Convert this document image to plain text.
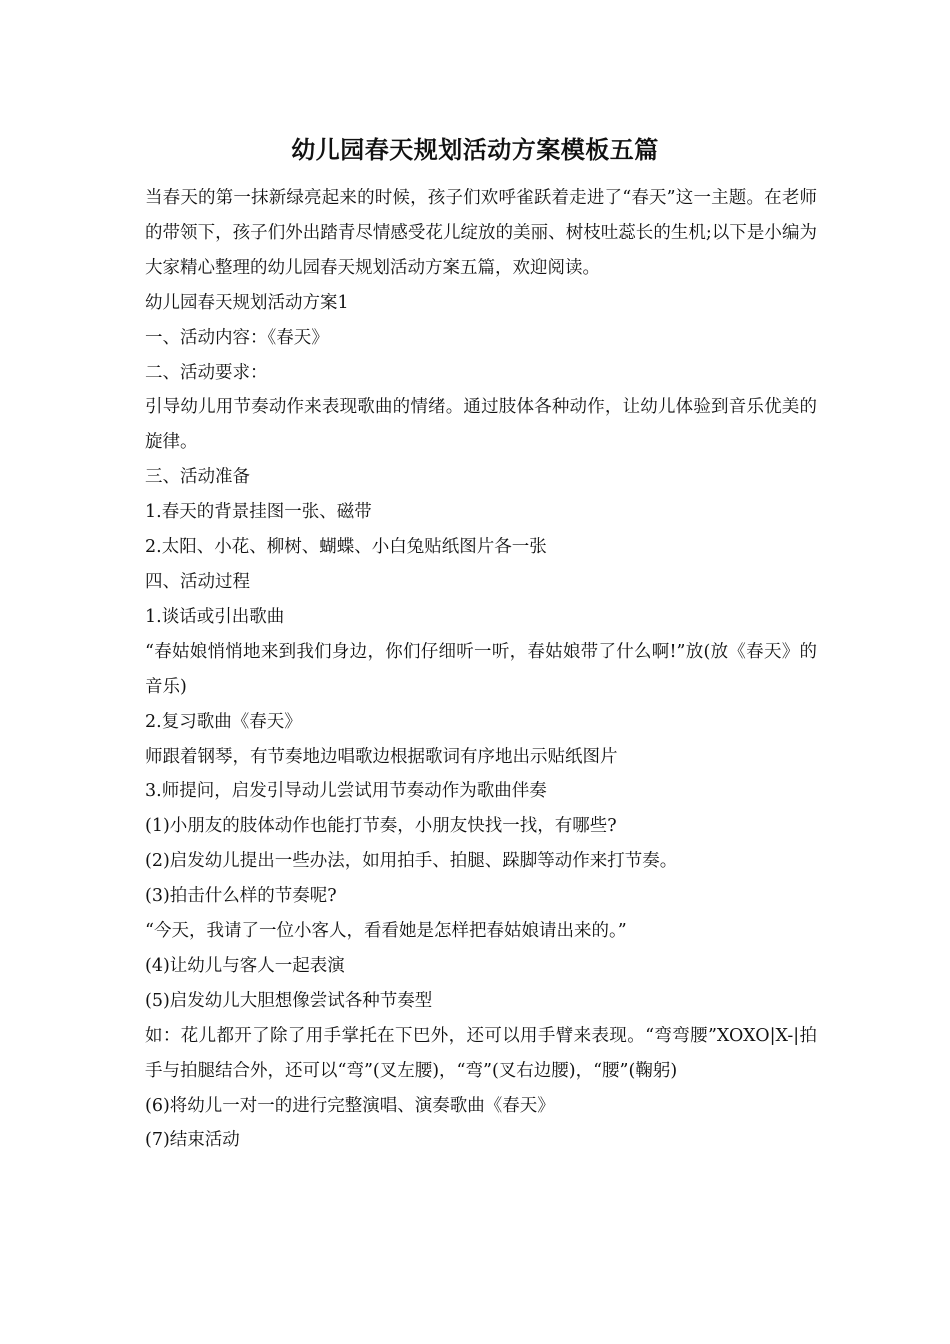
幼儿园春天规划活动方案模板五篇

当春天的第一抹新绿亮起来的时候，孩子们欢呼雀跃着走进了“春天”这一主题。在老师的带领下，孩子们外出踏青尽情感受花儿绽放的美丽、树枝吐蕊长的生机;以下是小编为大家精心整理的幼儿园春天规划活动方案五篇，欢迎阅读。

幼儿园春天规划活动方案1

一、活动内容：《春天》

二、活动要求：

引导幼儿用节奏动作来表现歌曲的情绪。通过肢体各种动作，让幼儿体验到音乐优美的旋律。

三、活动准备

1.春天的背景挂图一张、磁带

2.太阳、小花、柳树、蝴蝶、小白兔贴纸图片各一张

四、活动过程

1.谈话或引出歌曲

“春姑娘悄悄地来到我们身边，你们仔细听一听，春姑娘带了什么啊!”放(放《春天》的音乐)

2.复习歌曲《春天》

师跟着钢琴，有节奏地边唱歌边根据歌词有序地出示贴纸图片

3.师提问，启发引导动儿尝试用节奏动作为歌曲伴奏

(1)小朋友的肢体动作也能打节奏，小朋友快找一找，有哪些?

(2)启发幼儿提出一些办法，如用拍手、拍腿、跺脚等动作来打节奏。

(3)拍击什么样的节奏呢?

“今天，我请了一位小客人，看看她是怎样把春姑娘请出来的。”

(4)让幼儿与客人一起表演

(5)启发幼儿大胆想像尝试各种节奏型

如：花儿都开了除了用手掌托在下巴外，还可以用手臂来表现。“弯弯腰”XOXO|X-|拍手与拍腿结合外，还可以“弯”(叉左腰)，“弯”(叉右边腰)，“腰”(鞠躬)

(6)将幼儿一对一的进行完整演唱、演奏歌曲《春天》

(7)结束活动
